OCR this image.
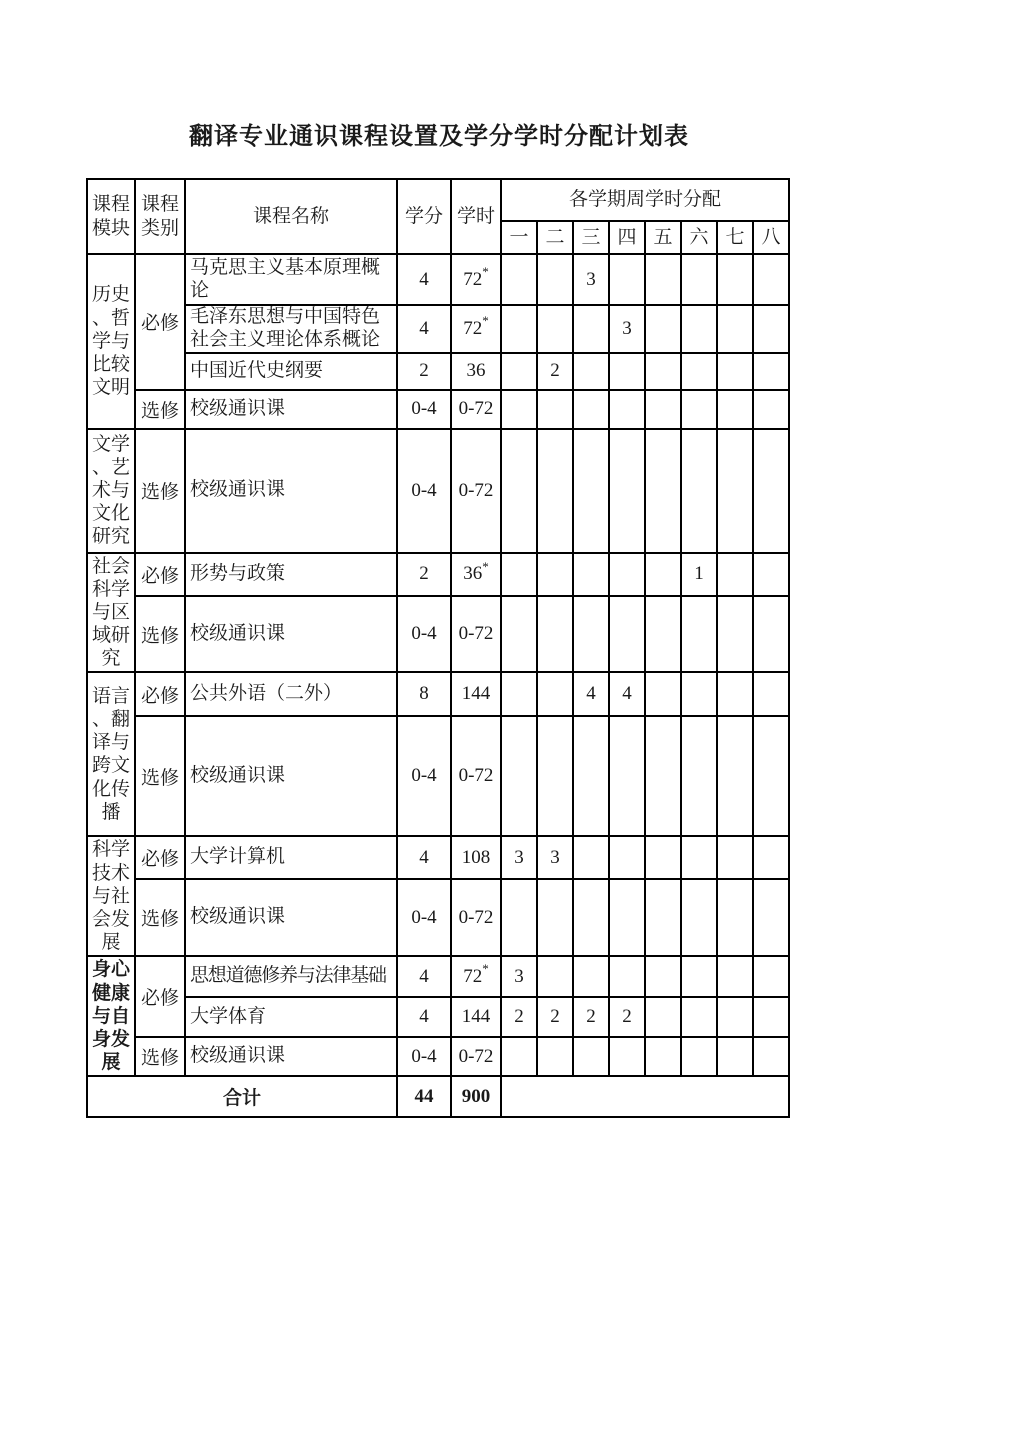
翻译专业通识课程设置及学分学时分配计划表
课程模块	课程类别	课程名称	学分	学时	各学期周学时分配							
					一	二	三	四	五	六	七	八
历史、哲学与比较文明	必修	马克思主义基本原理概论	4	72*			3					
		毛泽东思想与中国特色社会主义理论体系概论	4	72*				3				
		中国近代史纲要	2	36		2						
	选修	校级通识课	0-4	0-72								
文学、艺术与文化研究	选修	校级通识课	0-4	0-72								
社会科学与区域研究	必修	形势与政策	2	36*						1		
	选修	校级通识课	0-4	0-72								
语言、翻译与跨文化传播	必修	公共外语（二外）	8	144			4	4				
	选修	校级通识课	0-4	0-72								
科学技术与社会发展	必修	大学计算机	4	108	3	3						
	选修	校级通识课	0-4	0-72								
身心健康与自身发展	必修	思想道德修养与法律基础	4	72*	3							
		大学体育	4	144	2	2	2	2				
	选修	校级通识课	0-4	0-72								
合计			44	900								
